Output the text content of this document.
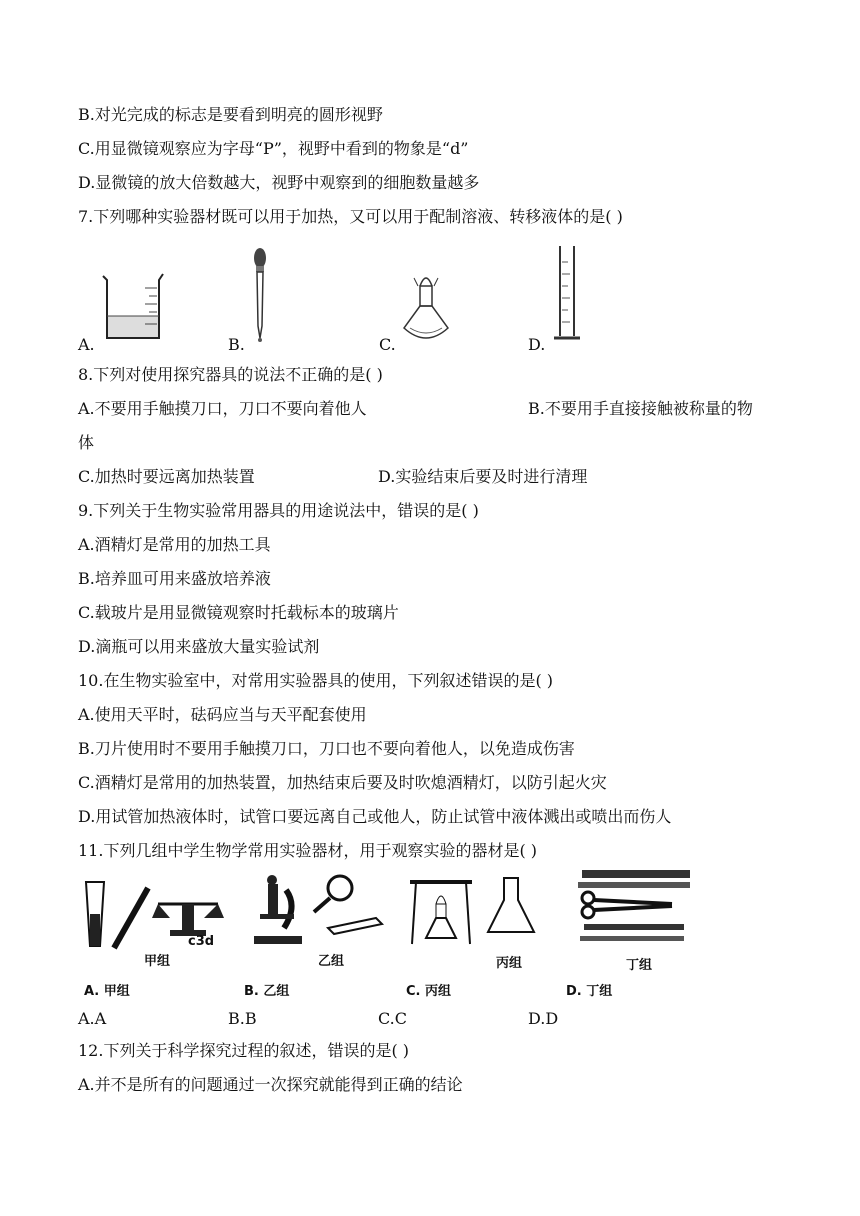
B.对光完成的标志是要看到明亮的圆形视野
C.用显微镜观察应为字母“P”，视野中看到的物象是“d”
D.显微镜的放大倍数越大，视野中观察到的细胞数量越多
7.下列哪种实验器材既可以用于加热，又可以用于配制溶液、转移液体的是( )
A.	B.	C.	D.
8.下列对使用探究器具的说法不正确的是( )
A.不要用手触摸刀口，刀口不要向着他人	B.不要用手直接接触被称量的物
体
C.加热时要远离加热装置	D.实验结束后要及时进行清理
9.下列关于生物实验常用器具的用途说法中，错误的是( )
A.酒精灯是常用的加热工具
B.培养皿可用来盛放培养液
C.载玻片是用显微镜观察时托载标本的玻璃片
D.滴瓶可以用来盛放大量实验试剂
10.在生物实验室中，对常用实验器具的使用，下列叙述错误的是( )
A.使用天平时，砝码应当与天平配套使用
B.刀片使用时不要用手触摸刀口，刀口也不要向着他人，以免造成伤害
C.酒精灯是常用的加热装置，加热结束后要及时吹熄酒精灯，以防引起火灾
D.用试管加热液体时，试管口要远离自己或他人，防止试管中液体溅出或喷出而伤人
11.下列几组中学生物学常用实验器材，用于观察实验的器材是( )
c3d
甲组	乙组	丙组	丁组
A. 甲组	B. 乙组	C. 丙组	D. 丁组
A.A	B.B	C.C	D.D
12.下列关于科学探究过程的叙述，错误的是( )
A.并不是所有的问题通过一次探究就能得到正确的结论
